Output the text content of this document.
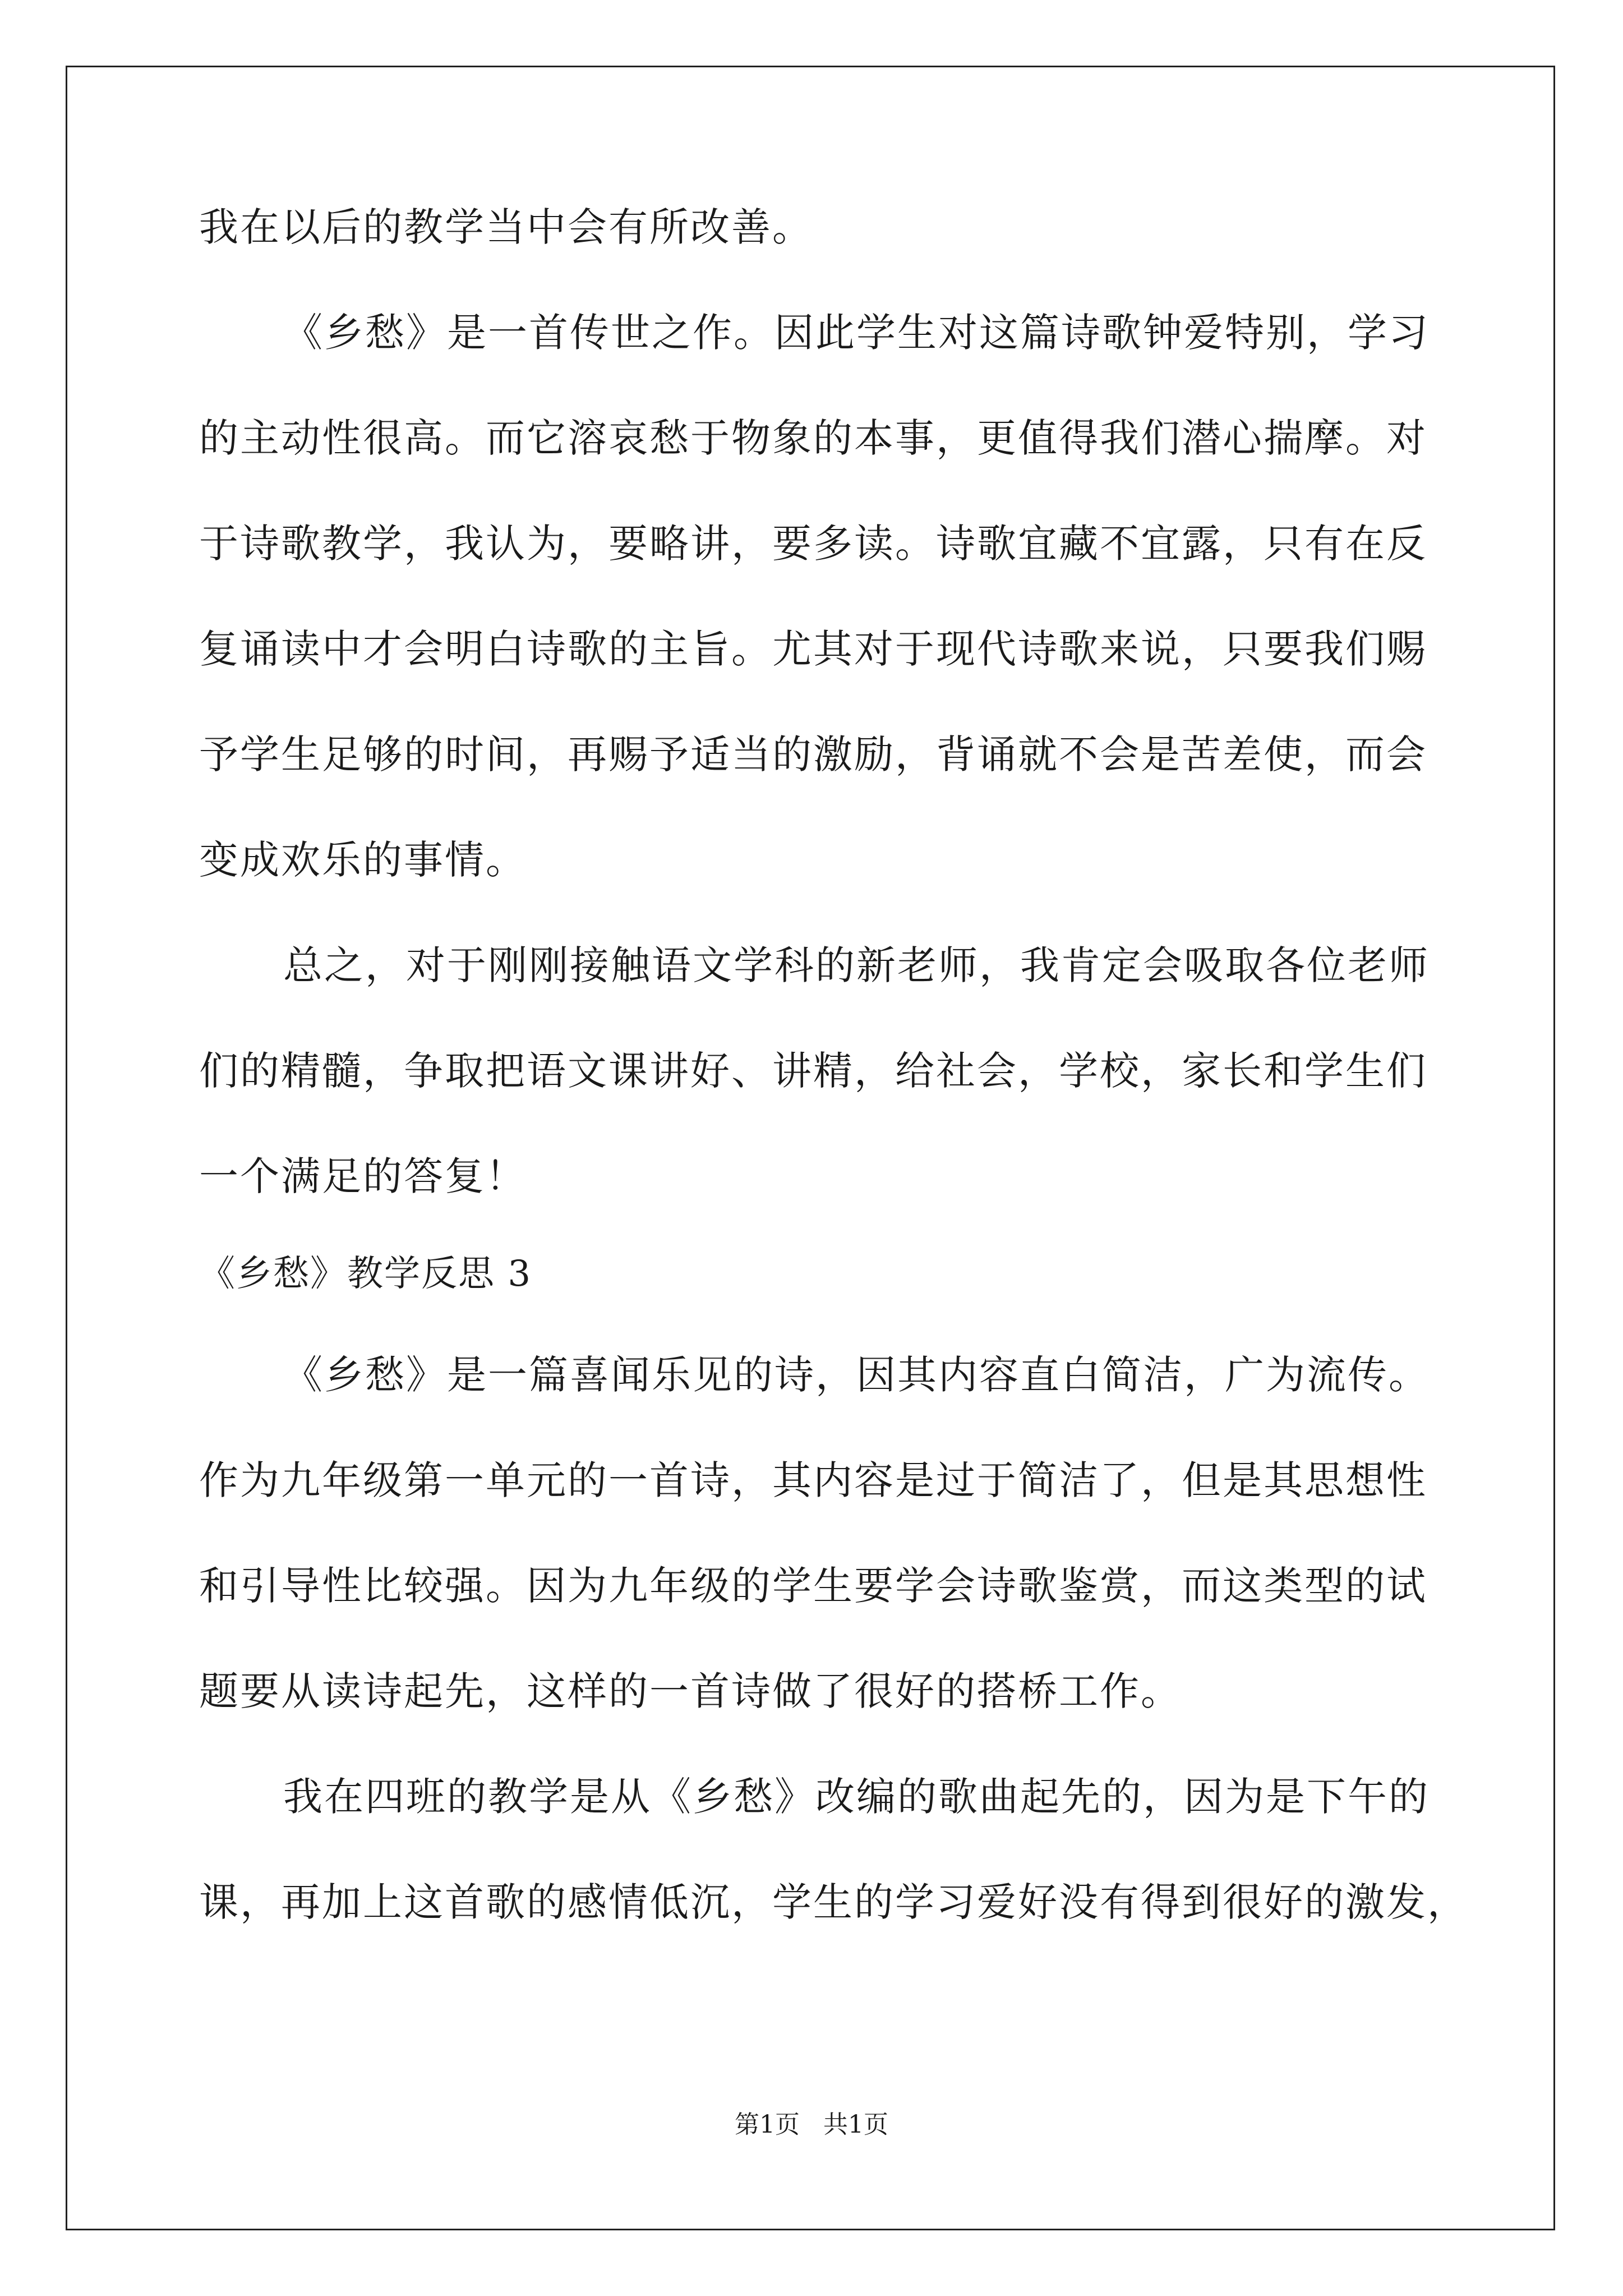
我在以后的教学当中会有所改善。
《乡愁》是一首传世之作。因此学生对这篇诗歌钟爱特别，学习
的主动性很高。而它溶哀愁于物象的本事，更值得我们潜心揣摩。对
于诗歌教学，我认为，要略讲，要多读。诗歌宜藏不宜露，只有在反
复诵读中才会明白诗歌的主旨。尤其对于现代诗歌来说，只要我们赐
予学生足够的时间，再赐予适当的激励，背诵就不会是苦差使，而会
变成欢乐的事情。
总之，对于刚刚接触语文学科的新老师，我肯定会吸取各位老师
们的精髓，争取把语文课讲好、讲精，给社会，学校，家长和学生们
一个满足的答复！
《乡愁》教学反思 3
《乡愁》是一篇喜闻乐见的诗，因其内容直白简洁，广为流传。
作为九年级第一单元的一首诗，其内容是过于简洁了，但是其思想性
和引导性比较强。因为九年级的学生要学会诗歌鉴赏，而这类型的试
题要从读诗起先，这样的一首诗做了很好的搭桥工作。
我在四班的教学是从《乡愁》改编的歌曲起先的，因为是下午的
课，再加上这首歌的感情低沉，学生的学习爱好没有得到很好的激发，
第1页 共1页
